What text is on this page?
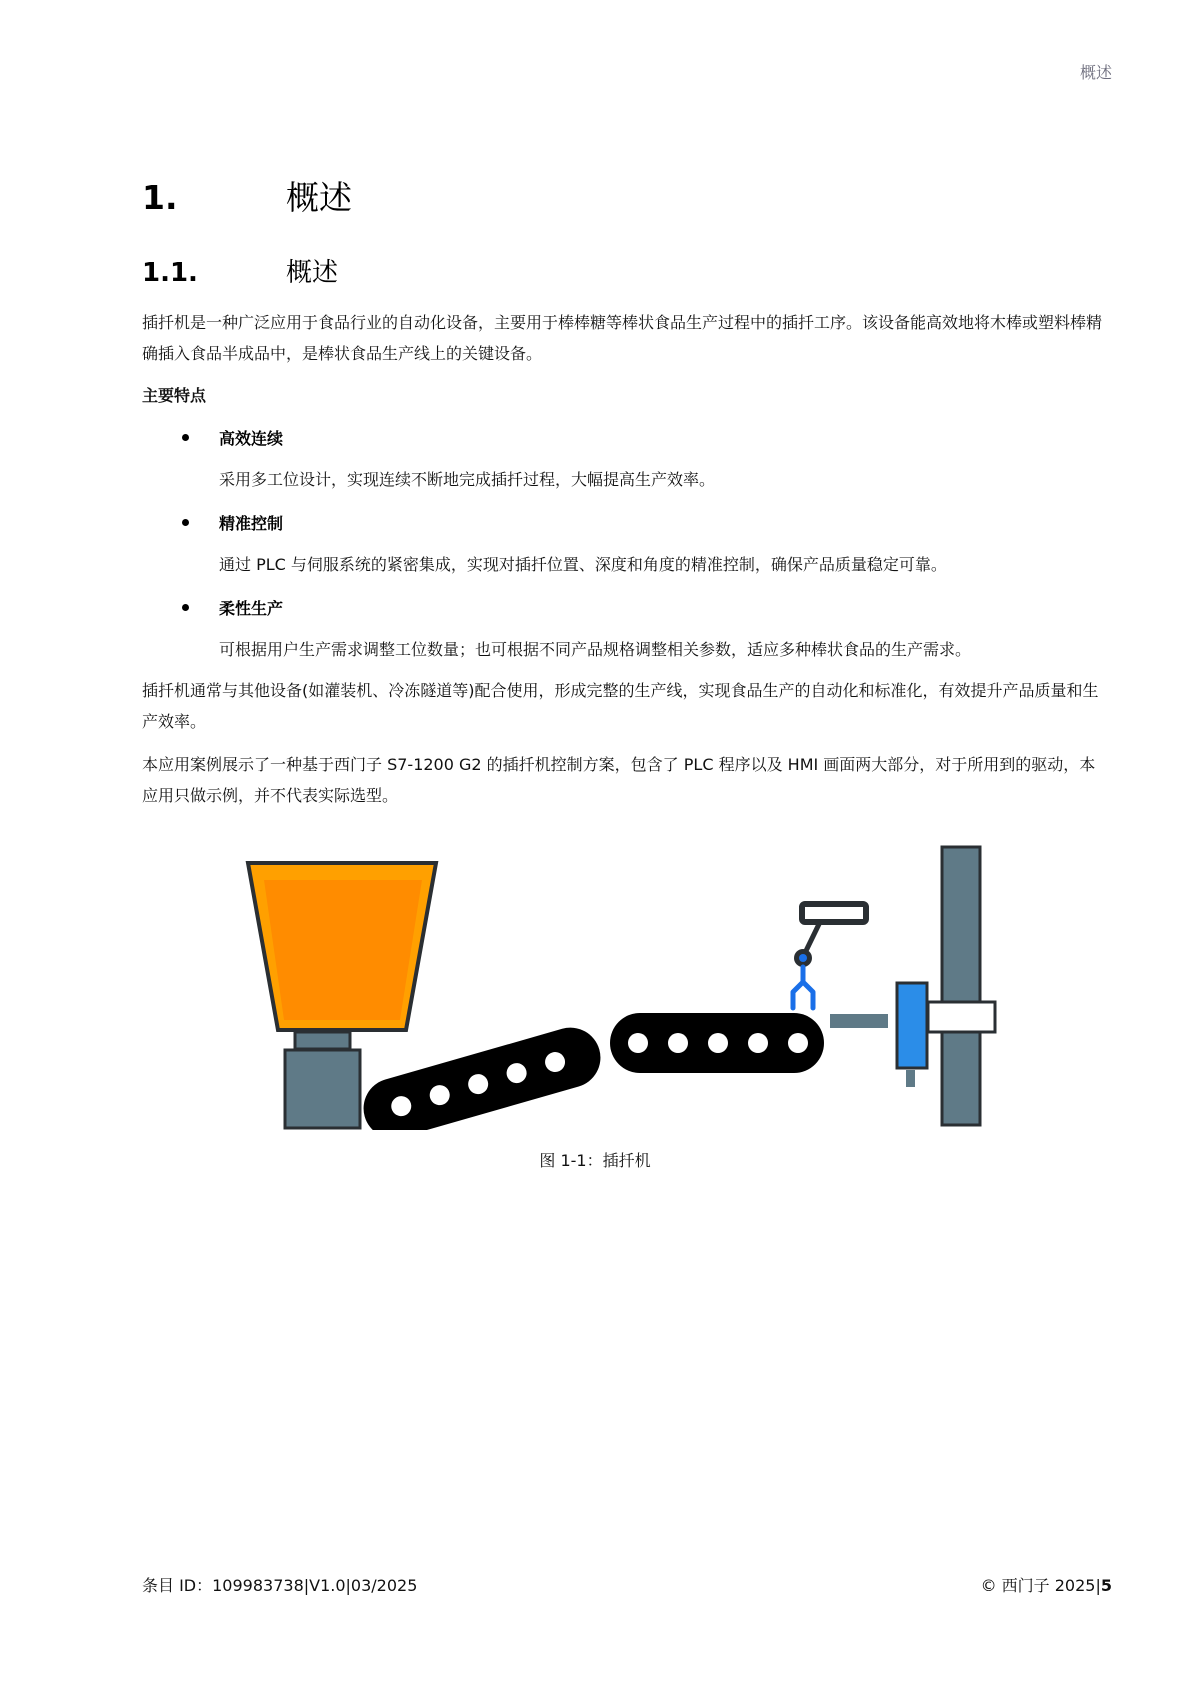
概述
1.	概述
1.1.	概述

插扦机是一种广泛应用于食品行业的自动化设备，主要用于棒棒糖等棒状食品生产过程中的插扦工序。该设备能高效地将木棒或塑料棒精确插入食品半成品中，是棒状食品生产线上的关键设备。

主要特点
高效连续
采用多工位设计，实现连续不断地完成插扦过程，大幅提高生产效率。
精准控制
通过 PLC 与伺服系统的紧密集成，实现对插扦位置、深度和角度的精准控制，确保产品质量稳定可靠。
柔性生产
可根据用户生产需求调整工位数量；也可根据不同产品规格调整相关参数，适应多种棒状食品的生产需求。

插扦机通常与其他设备(如灌装机、冷冻隧道等)配合使用，形成完整的生产线，实现食品生产的自动化和标准化，有效提升产品质量和生产效率。

本应用案例展示了一种基于西门子 S7-1200 G2 的插扦机控制方案，包含了 PLC 程序以及 HMI 画面两大部分，对于所用到的驱动，本应用只做示例，并不代表实际选型。

图 1-1：插扦机
条目 ID：109983738|V1.0|03/2025	© 西门子 2025|5
